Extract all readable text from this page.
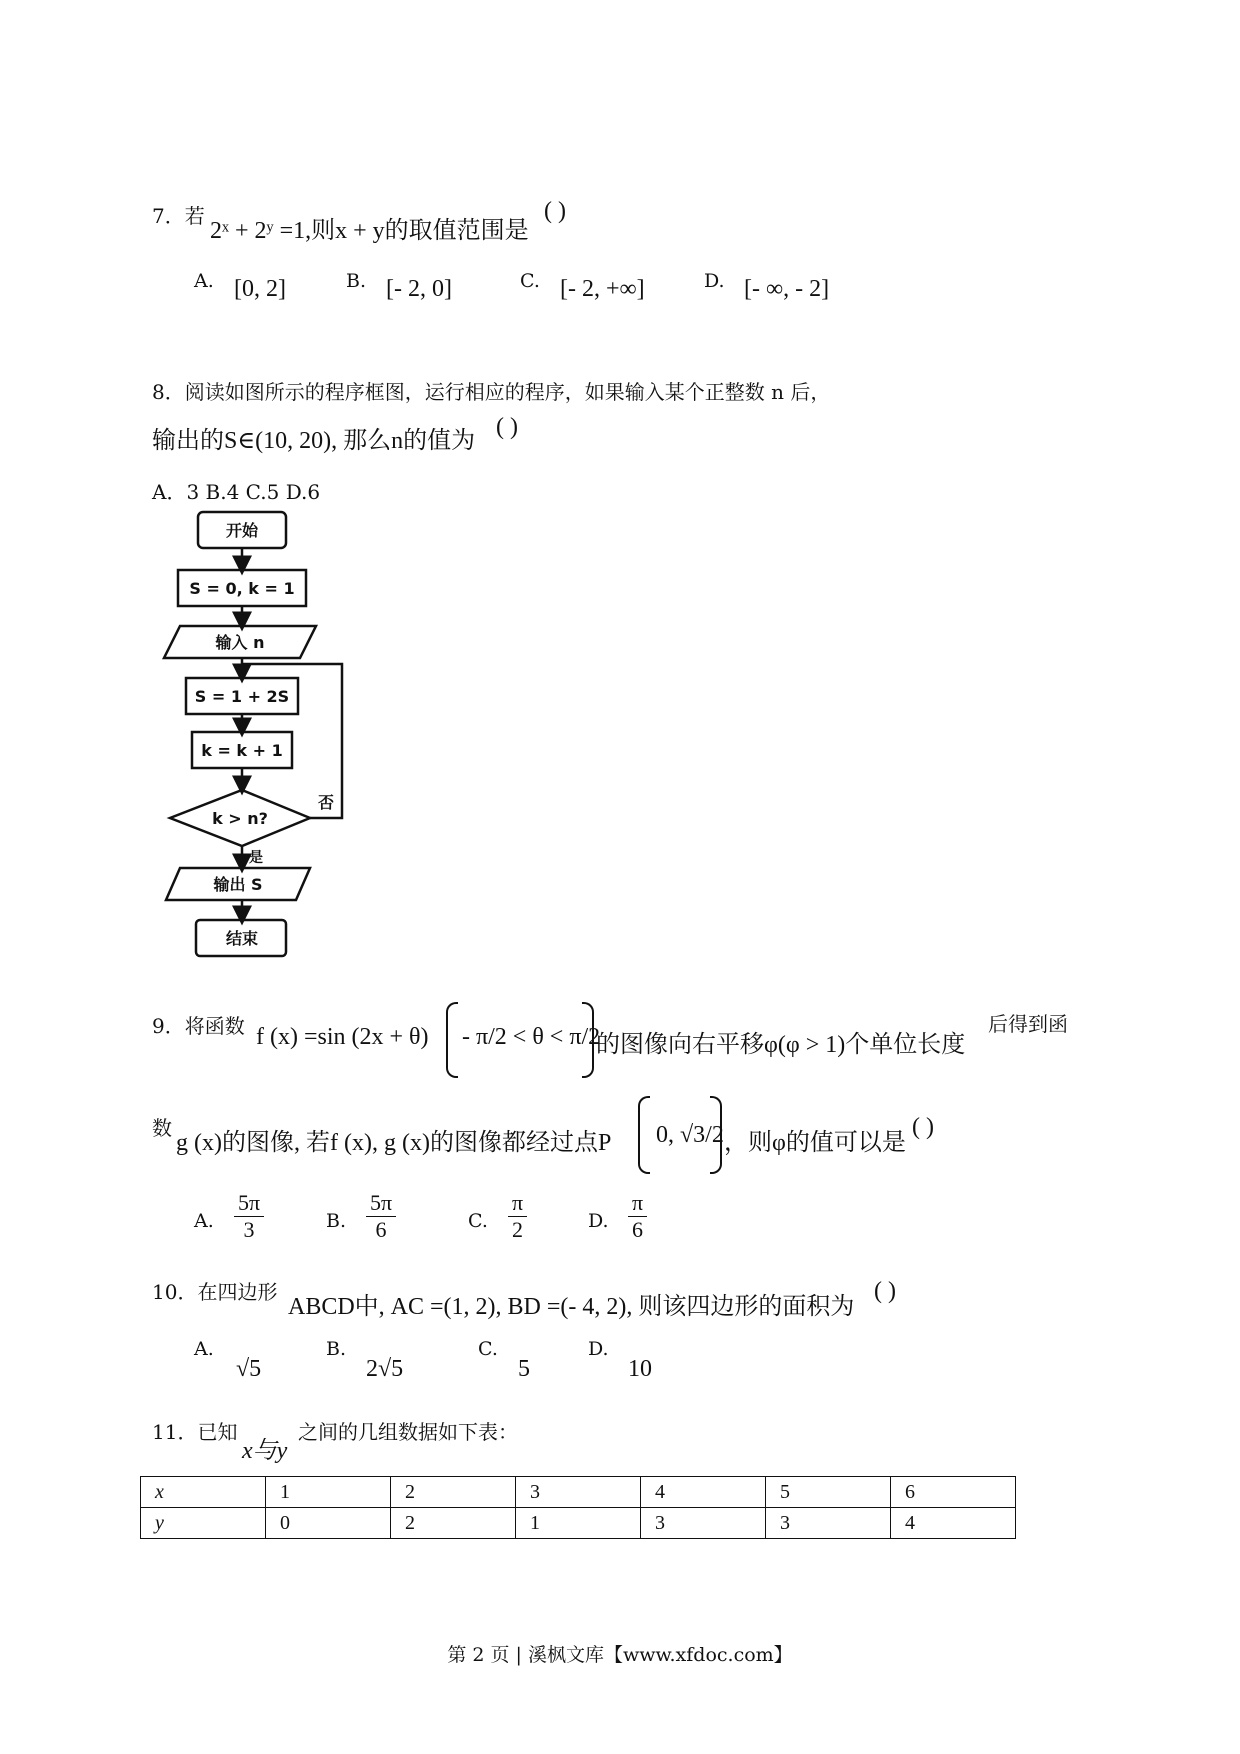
7．若
2ˣ + 2ʸ =1,则x + y的取值范围是
( )
A. [0, 2]	B. [- 2, 0]	C. [- 2, +∞]	D. [- ∞, - 2]
8．阅读如图所示的程序框图，运行相应的程序，如果输入某个正整数 n 后，
输出的S∈(10, 20), 那么n的值为
( )
A．3 B.4 C.5 D.6
开始
S = 0, k = 1
输入 n
S = 1 + 2S
k = k + 1
k > n?
否
是
输出 S
结束
9．将函数 f (x) =sin (2x + θ) - π/2 < θ < π/2
的图像向右平移φ(φ > 1)个单位长度
后得到函
数
g (x)的图像, 若f (x), g (x)的图像都经过点P 0, √3/2 ，则φ的值可以是
( )
A. $\frac{5\pi}{3}$	B. $\frac{5\pi}{6}$	C. $\frac{\pi}{2}$	D. $\frac{\pi}{6}$
10．在四边形
ABCD中, AC =(1, 2), BD =(- 4, 2), 则该四边形的面积为
( )
A.
√5
B.
2√5
C.
5
D.
10
11．已知
x与y
之间的几组数据如下表：
x	1	2	3	4	5	6
y	0	2	1	3	3	4
第 2 页 | 溪枫文库【www.xfdoc.com】
